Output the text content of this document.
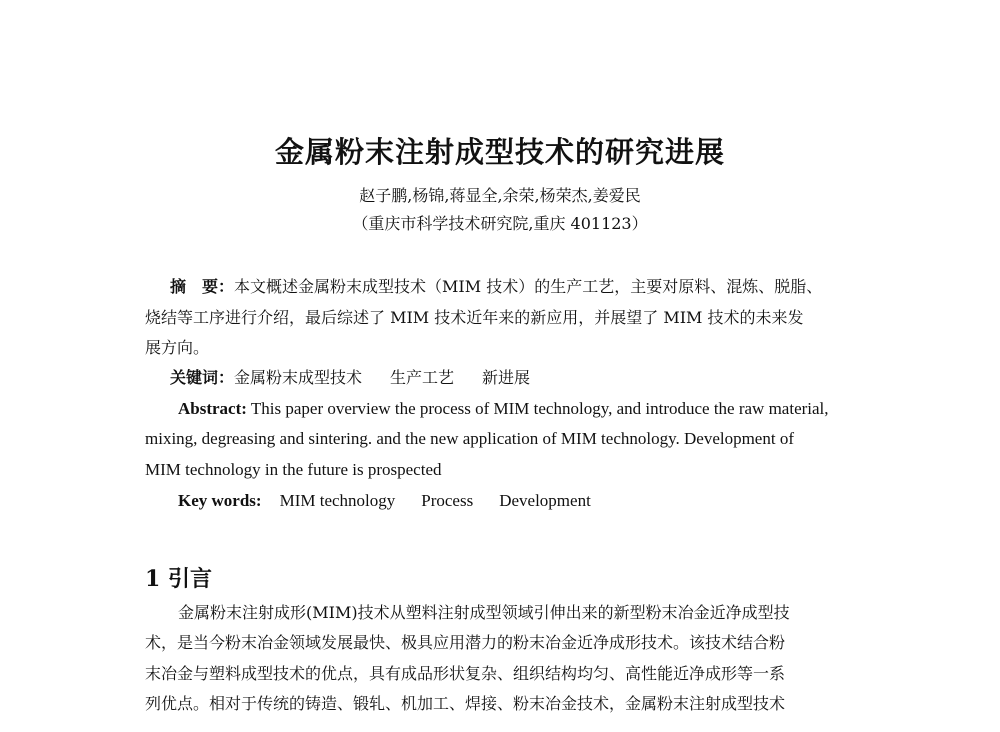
金属粉末注射成型技术的研究进展
赵子鹏,杨锦,蒋显全,余荣,杨荣杰,姜爱民
（重庆市科学技术研究院,重庆 401123）
摘　要：本文概述金属粉末成型技术（MIM 技术）的生产工艺，主要对原料、混炼、脱脂、
烧结等工序进行介绍，最后综述了 MIM 技术近年来的新应用，并展望了 MIM 技术的未来发
展方向。
关键词：金属粉末成型技术 生产工艺 新进展
Abstract: This paper overview the process of MIM technology, and introduce the raw material,
mixing, degreasing and sintering. and the new application of MIM technology. Development of
MIM technology in the future is prospected
Key words: MIM technology Process Development
1 引言
金属粉末注射成形(MIM)技术从塑料注射成型领域引伸出来的新型粉末冶金近净成型技
术，是当今粉末冶金领域发展最快、极具应用潜力的粉末冶金近净成形技术。该技术结合粉
末冶金与塑料成型技术的优点，具有成品形状复杂、组织结构均匀、高性能近净成形等一系
列优点。相对于传统的铸造、锻轧、机加工、焊接、粉末冶金技术，金属粉末注射成型技术
